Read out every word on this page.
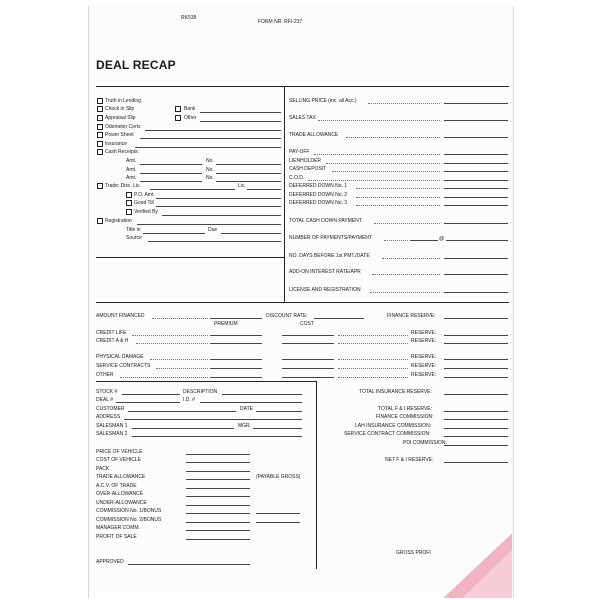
RK538
FORM NR. RFI-237
DEAL RECAP
Truth in Lending
Check in Slip
Appraisal Slip
Odometer Certs
Power Sheet
Insurance
Cash Receipts:
Amt.	No.
Amt.	No.
Amt.	No.
Trade: Disc. Lic.	Lic.
P.O. Amt.
Good Till
Verified By
Registration
Title in	Due
Source
Bank
Other
SELLING PRICE (inc. all Acc.)
SALES TAX
TRADE ALLOWANCE
PAY-OFF
LIENHOLDER
CASH DEPOSIT
C.O.D.
DEFERRED DOWN No. 1
DEFERRED DOWN No. 2
DEFERRED DOWN No. 3
TOTAL CASH DOWN PAYMENT
NUMBER OF PAYMENTS/PAYMENT	@
NO. DAYS BEFORE 1st PMT./DATE
ADD-ON INTEREST RATE/APR
LICENSE AND REGISTRATION
AMOUNT FINANCED	DISCOUNT RATE:	FINANCE RESERVE:
PREMIUM	COST
CREDIT LIFE	RESERVE:
CREDIT A & H	RESERVE:
PHYSICAL DAMAGE	RESERVE:
SERVICE CONTRACTS	RESERVE:
OTHER	RESERVE:
STOCK #	DESCRIPTION
DEAL #	I.D. #
CUSTOMER	DATE
ADDRESS
SALESMAN 1	MGR.
SALESMAN 2
PRICE OF VEHICLE
COST OF VEHICLE
PACK
TRADE ALLOWANCE	(PAYABLE GROSS)
A.C.V. OF TRADE
OVER-ALLOWANCE
UNDER-ALLOWANCE
COMMISSION No. 1/BONUS
COMMISSION No. 2/BONUS
MANAGER COMM.
PROFIT OF SALE
APPROVED
TOTAL INSURANCE RESERVE:
TOTAL F & I RESERVE:
FINANCE COMMISSION:
LAH INSURANCE COMMISSION:
SERVICE CONTRACT COMMISSION:
PDI COMMISSION:
NET F & I RESERVE:
GROSS PROFI
